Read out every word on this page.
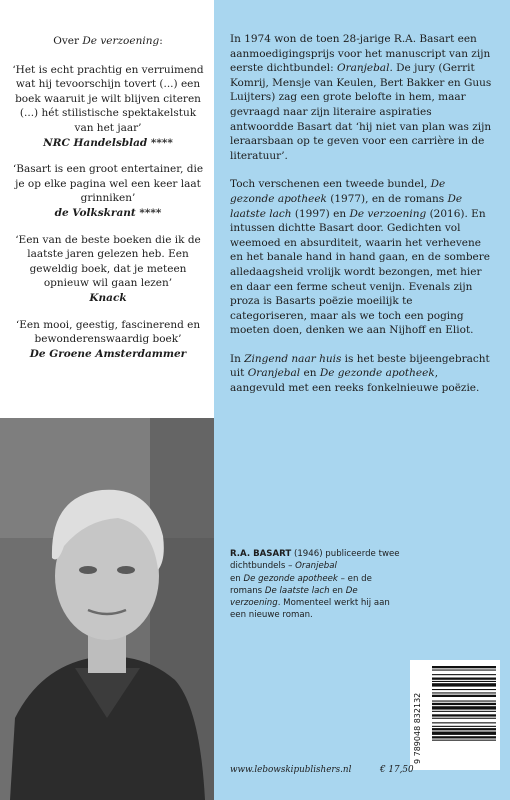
Over De verzoening:
‘Het is echt prachtig en verruimend wat hij tevoorschijn tovert (...) een boek waaruit je wilt blijven citeren (...) hét stilistische spektakelstuk van het jaar’
NRC Handelsblad ****
‘Basart is een groot entertainer, die je op elke pagina wel een keer laat grinniken’
de Volkskrant ****
‘Een van de beste boeken die ik de laatste jaren gelezen heb. Een geweldig boek, dat je meteen opnieuw wil gaan lezen’
Knack
‘Een mooi, geestig, fascinerend en bewonderenswaardig boek’
De Groene Amsterdammer

In 1974 won de toen 28-jarige R.A. Basart een aanmoedigingsprijs voor het manuscript van zijn eerste dichtbundel: Oranjebal. De jury (Gerrit Komrij, Mensje van Keulen, Bert Bakker en Guus Luijters) zag een grote belofte in hem, maar gevraagd naar zijn literaire aspiraties antwoordde Basart dat ‘hij niet van plan was zijn leraarsbaan op te geven voor een carrière in de literatuur’.

Toch verschenen een tweede bundel, De gezonde apotheek (1977), en de romans De laatste lach (1997) en De verzoening (2016). En intussen dichtte Basart door. Gedichten vol weemoed en absurditeit, waarin het verhevene en het banale hand in hand gaan, en de sombere alledaagsheid vrolijk wordt bezongen, met hier en daar een ferme scheut venijn. Evenals zijn proza is Basarts poëzie moeilijk te categoriseren, maar als we toch een poging moeten doen, denken we aan Nijhoff en Eliot.

In Zingend naar huis is het beste bijeengebracht uit Oranjebal en De gezonde apotheek, aangevuld met een reeks fonkelnieuwe poëzie.

R.A. BASART (1946) publiceerde twee dichtbundels – Oranjebal
en De gezonde apotheek – en de romans De laatste lach en De verzoening. Momenteel werkt hij aan een nieuwe roman.
9 789048 832132
www.lebowskipublishers.nl	€ 17,50
